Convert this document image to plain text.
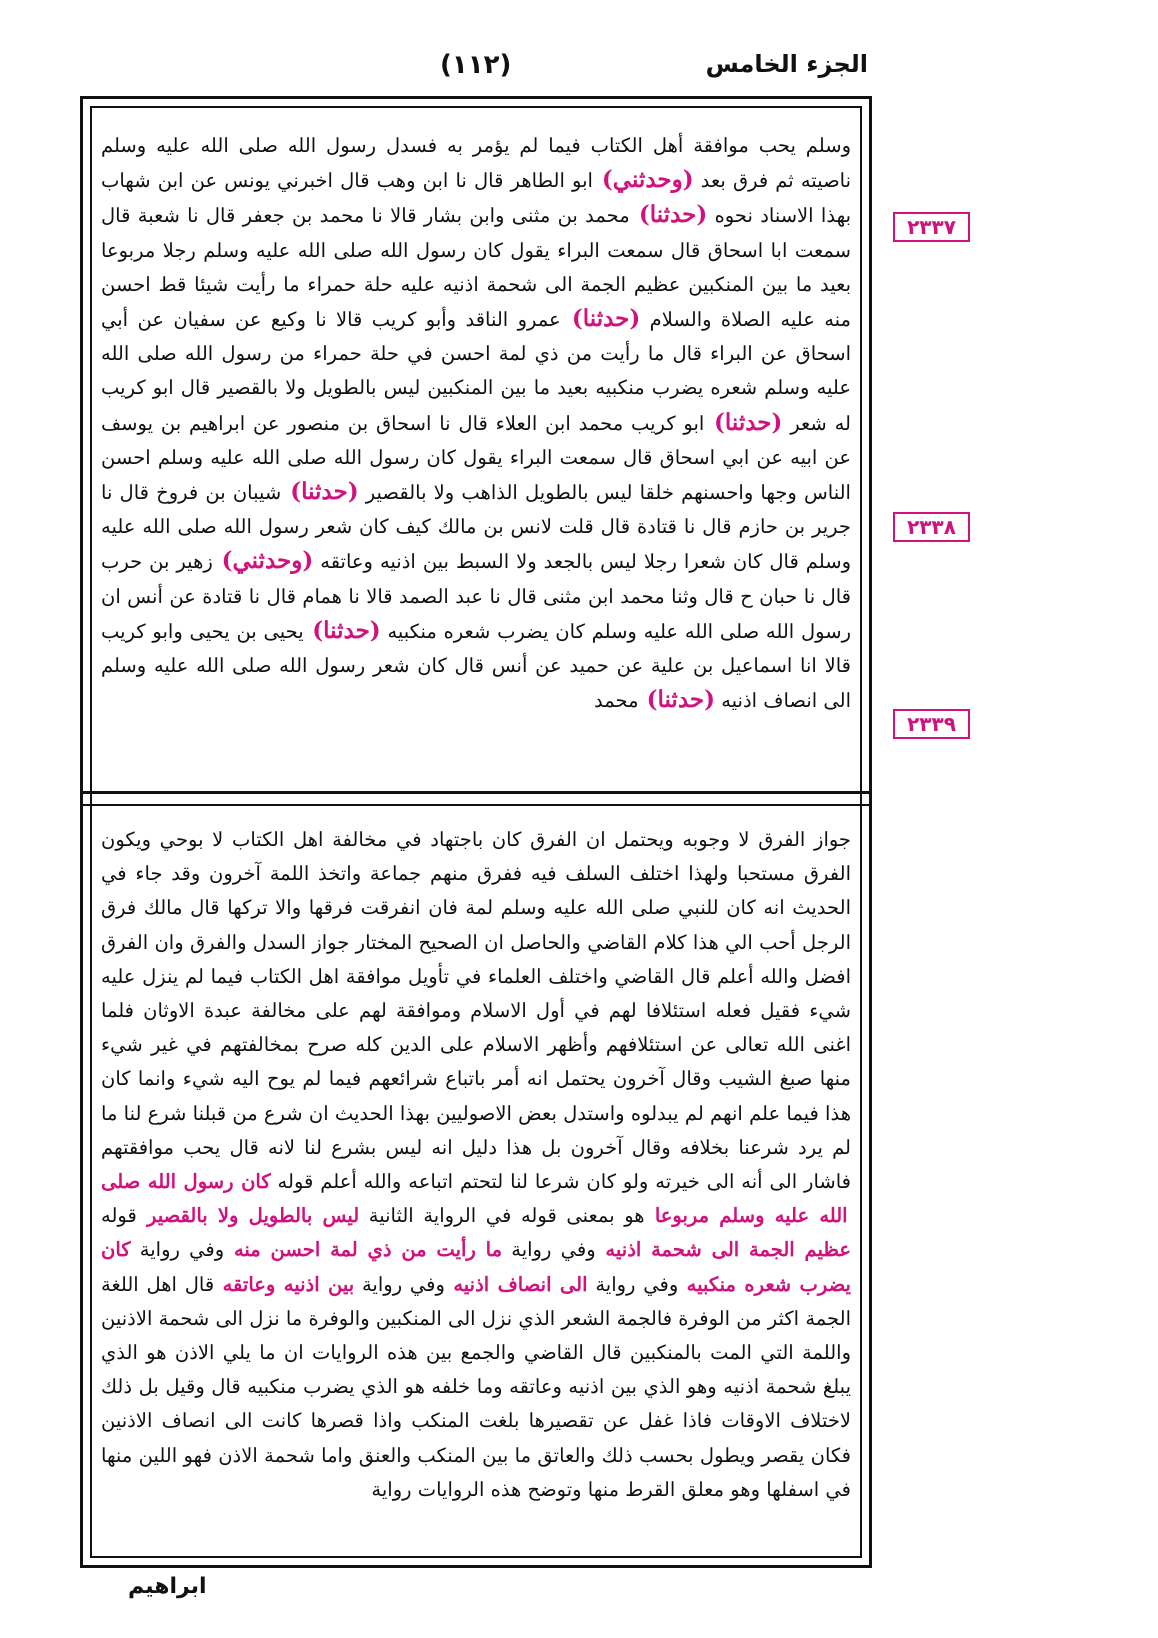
(١١٢)	الجزء الخامس
وسلم يحب موافقة أهل الكتاب فيما لم يؤمر به فسدل رسول الله صلى الله عليه وسلم ناصيته ثم فرق بعد (وحدثني) ابو الطاهر قال نا ابن وهب قال اخبرني يونس عن ابن شهاب بهذا الاسناد نحوه (حدثنا) محمد بن مثنى وابن بشار قالا نا محمد بن جعفر قال نا شعبة قال سمعت ابا اسحاق قال سمعت البراء يقول كان رسول الله صلى الله عليه وسلم رجلا مربوعا بعيد ما بين المنكبين عظيم الجمة الى شحمة اذنيه عليه حلة حمراء ما رأيت شيئا قط احسن منه عليه الصلاة والسلام (حدثنا) عمرو الناقد وأبو كريب قالا نا وكيع عن سفيان عن أبي اسحاق عن البراء قال ما رأيت من ذي لمة احسن في حلة حمراء من رسول الله صلى الله عليه وسلم شعره يضرب منكبيه بعيد ما بين المنكبين ليس بالطويل ولا بالقصير قال ابو كريب له شعر (حدثنا) ابو كريب محمد ابن العلاء قال نا اسحاق بن منصور عن ابراهيم بن يوسف عن ابيه عن ابي اسحاق قال سمعت البراء يقول كان رسول الله صلى الله عليه وسلم احسن الناس وجها واحسنهم خلقا ليس بالطويل الذاهب ولا بالقصير (حدثنا) شيبان بن فروخ قال نا جرير بن حازم قال نا قتادة قال قلت لانس بن مالك كيف كان شعر رسول الله صلى الله عليه وسلم قال كان شعرا رجلا ليس بالجعد ولا السبط بين اذنيه وعاتقه (وحدثني) زهير بن حرب قال نا حبان ح قال وثنا محمد ابن مثنى قال نا عبد الصمد قالا نا همام قال نا قتادة عن أنس ان رسول الله صلى الله عليه وسلم كان يضرب شعره منكبيه (حدثنا) يحيى بن يحيى وابو كريب قالا انا اسماعيل بن علية عن حميد عن أنس قال كان شعر رسول الله صلى الله عليه وسلم الى انصاف اذنيه (حدثنا) محمد
جواز الفرق لا وجوبه ويحتمل ان الفرق كان باجتهاد في مخالفة اهل الكتاب لا بوحي ويكون الفرق مستحبا ولهذا اختلف السلف فيه ففرق منهم جماعة واتخذ اللمة آخرون وقد جاء في الحديث انه كان للنبي صلى الله عليه وسلم لمة فان انفرقت فرقها والا تركها قال مالك فرق الرجل أحب الي هذا كلام القاضي والحاصل ان الصحيح المختار جواز السدل والفرق وان الفرق افضل والله أعلم قال القاضي واختلف العلماء في تأويل موافقة اهل الكتاب فيما لم ينزل عليه شيء فقيل فعله استئلافا لهم في أول الاسلام وموافقة لهم على مخالفة عبدة الاوثان فلما اغنى الله تعالى عن استئلافهم وأظهر الاسلام على الدين كله صرح بمخالفتهم في غير شيء منها صبغ الشيب وقال آخرون يحتمل انه أمر باتباع شرائعهم فيما لم يوح اليه شيء وانما كان هذا فيما علم انهم لم يبدلوه واستدل بعض الاصوليين بهذا الحديث ان شرع من قبلنا شرع لنا ما لم يرد شرعنا بخلافه وقال آخرون بل هذا دليل انه ليس بشرع لنا لانه قال يحب موافقتهم فاشار الى أنه الى خيرته ولو كان شرعا لنا لتحتم اتباعه والله أعلم قوله كان رسول الله صلى الله عليه وسلم مربوعا هو بمعنى قوله في الرواية الثانية ليس بالطويل ولا بالقصير قوله عظيم الجمة الى شحمة اذنيه وفي رواية ما رأيت من ذي لمة احسن منه وفي رواية كان يضرب شعره منكبيه وفي رواية الى انصاف اذنيه وفي رواية بين اذنيه وعاتقه قال اهل اللغة الجمة اكثر من الوفرة فالجمة الشعر الذي نزل الى المنكبين والوفرة ما نزل الى شحمة الاذنين واللمة التي المت بالمنكبين قال القاضي والجمع بين هذه الروايات ان ما يلي الاذن هو الذي يبلغ شحمة اذنيه وهو الذي بين اذنيه وعاتقه وما خلفه هو الذي يضرب منكبيه قال وقيل بل ذلك لاختلاف الاوقات فاذا غفل عن تقصيرها بلغت المنكب واذا قصرها كانت الى انصاف الاذنين فكان يقصر ويطول بحسب ذلك والعاتق ما بين المنكب والعنق واما شحمة الاذن فهو اللين منها في اسفلها وهو معلق القرط منها وتوضح هذه الروايات رواية
٢٣٣٧
٢٣٣٨
٢٣٣٩
ابراهيم
